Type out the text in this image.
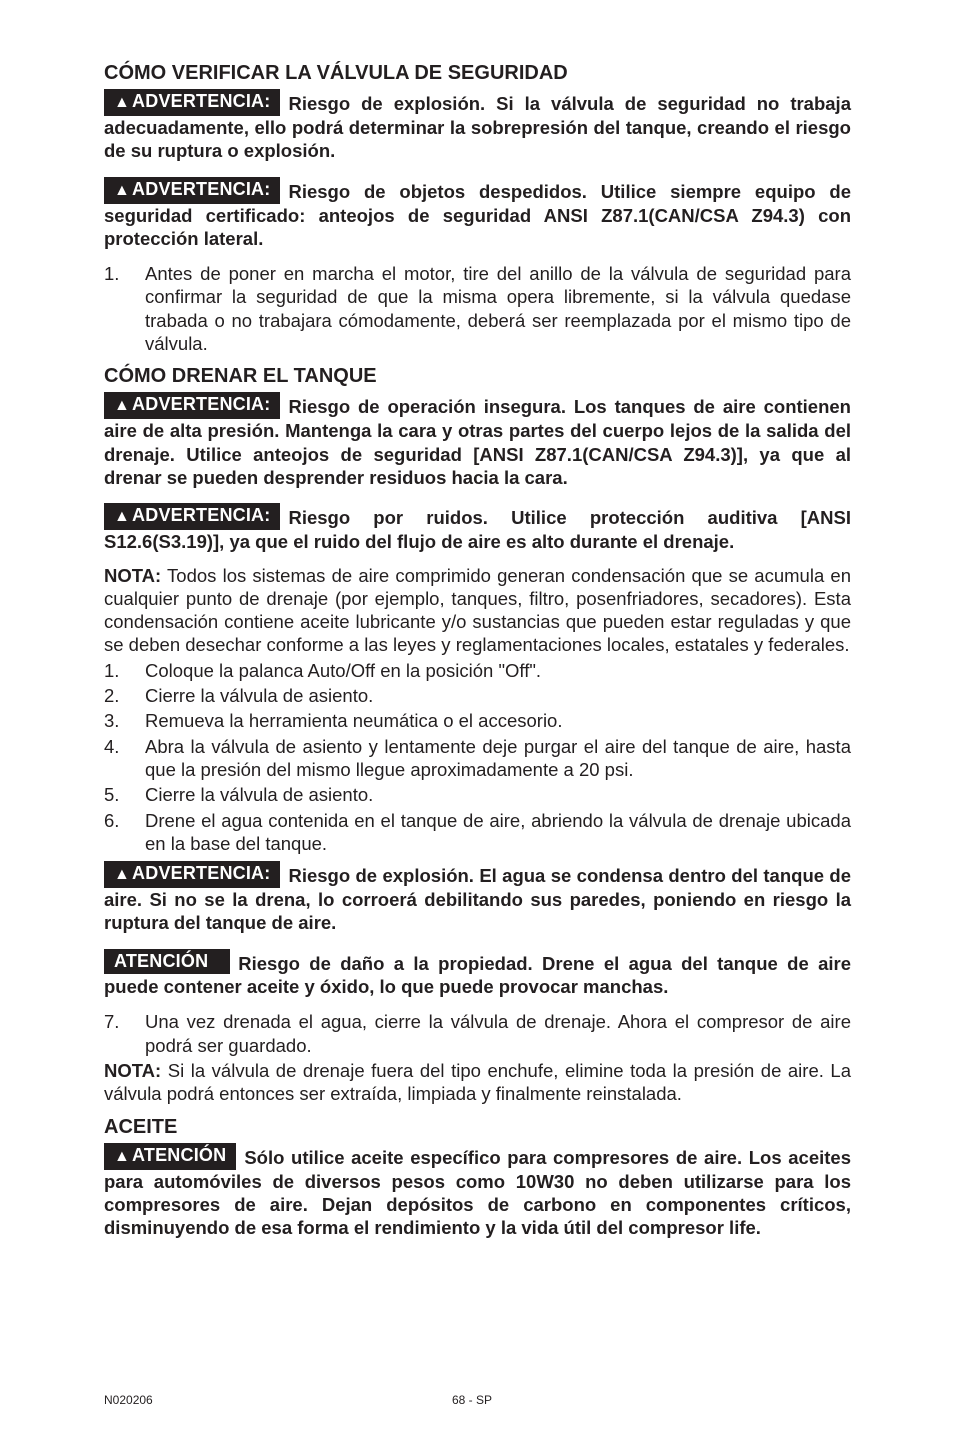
CÓMO VERIFICAR LA VÁLVULA DE SEGURIDAD

▲ ADVERTENCIA: Riesgo de explosión. Si la válvula de seguridad no trabaja adecuadamente, ello podrá determinar la sobrepresión del tanque, creando el riesgo de su ruptura o explosión.

▲ ADVERTENCIA: Riesgo de objetos despedidos. Utilice siempre equipo de seguridad certificado: anteojos de seguridad ANSI Z87.1(CAN/CSA Z94.3) con protección lateral.

1. Antes de poner en marcha el motor, tire del anillo de la válvula de seguridad para confirmar la seguridad de que la misma opera libremente, si la válvula quedase trabada o no trabajara cómodamente, deberá ser reemplazada por el mismo tipo de válvula.
CÓMO DRENAR EL TANQUE

▲ ADVERTENCIA: Riesgo de operación insegura. Los tanques de aire contienen aire de alta presión. Mantenga la cara y otras partes del cuerpo lejos de la salida del drenaje. Utilice anteojos de seguridad [ANSI Z87.1(CAN/CSA Z94.3)], ya que al drenar se pueden desprender residuos hacia la cara.

▲ ADVERTENCIA: Riesgo por ruidos. Utilice protección auditiva [ANSI S12.6(S3.19)], ya que el ruido del flujo de aire es alto durante el drenaje.

NOTA: Todos los sistemas de aire comprimido generan condensación que se acumula en cualquier punto de drenaje (por ejemplo, tanques, filtro, posenfriadores, secadores). Esta condensación contiene aceite lubricante y/o sustancias que pueden estar reguladas y que se deben desechar conforme a las leyes y reglamentaciones locales, estatales y federales.

1. Coloque la palanca Auto/Off en la posición "Off".
2. Cierre la válvula de asiento.
3. Remueva la herramienta neumática o el accesorio.
4. Abra la válvula de asiento y lentamente deje purgar el aire del tanque de aire, hasta que la presión del mismo llegue aproximadamente a 20 psi.
5. Cierre la válvula de asiento.
6. Drene el agua contenida en el tanque de aire, abriendo la válvula de drenaje ubicada en la base del tanque.

▲ ADVERTENCIA: Riesgo de explosión. El agua se condensa dentro del tanque de aire. Si no se la drena, lo corroerá debilitando sus paredes, poniendo en riesgo la ruptura del tanque de aire.

ATENCIÓN Riesgo de daño a la propiedad. Drene el agua del tanque de aire puede contener aceite y óxido, lo que puede provocar manchas.

7. Una vez drenada el agua, cierre la válvula de drenaje. Ahora el compresor de aire podrá ser guardado.

NOTA: Si la válvula de drenaje fuera del tipo enchufe, elimine toda la presión de aire. La válvula podrá entonces ser extraída, limpiada y finalmente reinstalada.

ACEITE

▲ ATENCIÓN Sólo utilice aceite específico para compresores de aire. Los aceites para automóviles de diversos pesos como 10W30 no deben utilizarse para los compresores de aire. Dejan depósitos de carbono en componentes críticos, disminuyendo de esa forma el rendimiento y la vida útil del compresor life.

N020206	68 - SP
